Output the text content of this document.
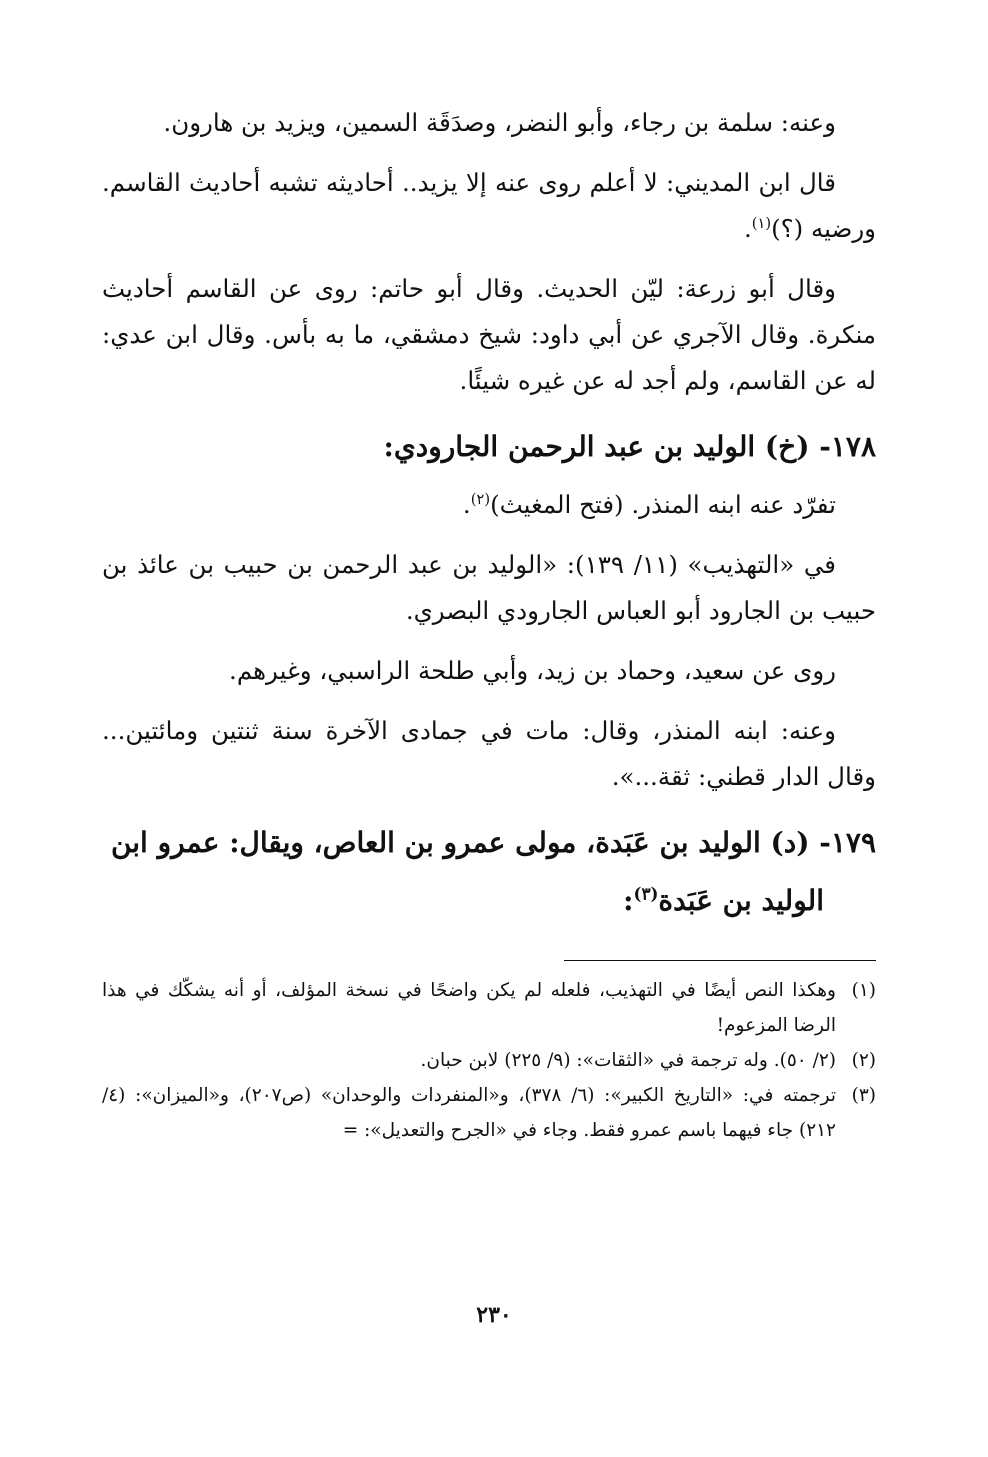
وعنه: سلمة بن رجاء، وأبو النضر، وصدَقَة السمين، ويزيد بن هارون.

قال ابن المديني: لا أعلم روى عنه إلا يزيد.. أحاديثه تشبه أحاديث القاسم. ورضيه (؟)$^{(١)}$.

وقال أبو زرعة: ليّن الحديث. وقال أبو حاتم: روى عن القاسم أحاديث منكرة. وقال الآجري عن أبي داود: شيخ دمشقي، ما به بأس. وقال ابن عدي: له عن القاسم، ولم أجد له عن غيره شيئًا.

١٧٨- (خ) الوليد بن عبد الرحمن الجارودي:

تفرّد عنه ابنه المنذر. (فتح المغيث)$^{(٢)}$.

في «التهذيب» (١١/ ١٣٩): «الوليد بن عبد الرحمن بن حبيب بن عائذ بن حبيب بن الجارود أبو العباس الجارودي البصري.

روى عن سعيد، وحماد بن زيد، وأبي طلحة الراسبي، وغيرهم.

وعنه: ابنه المنذر، وقال: مات في جمادى الآخرة سنة ثنتين ومائتين... وقال الدار قطني: ثقة...».

١٧٩- (د) الوليد بن عَبَدة، مولى عمرو بن العاص، ويقال: عمرو ابن
الوليد بن عَبَدة$^{(٣)}$:

(١)
وهكذا النص أيضًا في التهذيب، فلعله لم يكن واضحًا في نسخة المؤلف، أو أنه يشكّك في هذا الرضا المزعوم!
(٢)
(٢/ ٥٠). وله ترجمة في «الثقات»: (٩/ ٢٢٥) لابن حبان.
(٣)
ترجمته في: «التاريخ الكبير»: (٦/ ٣٧٨)، و«المنفردات والوحدان» (ص٢٠٧)، و«الميزان»: (٤/ ٢١٢) جاء فيهما باسم عمرو فقط. وجاء في «الجرح والتعديل»: =
٢٣٠
